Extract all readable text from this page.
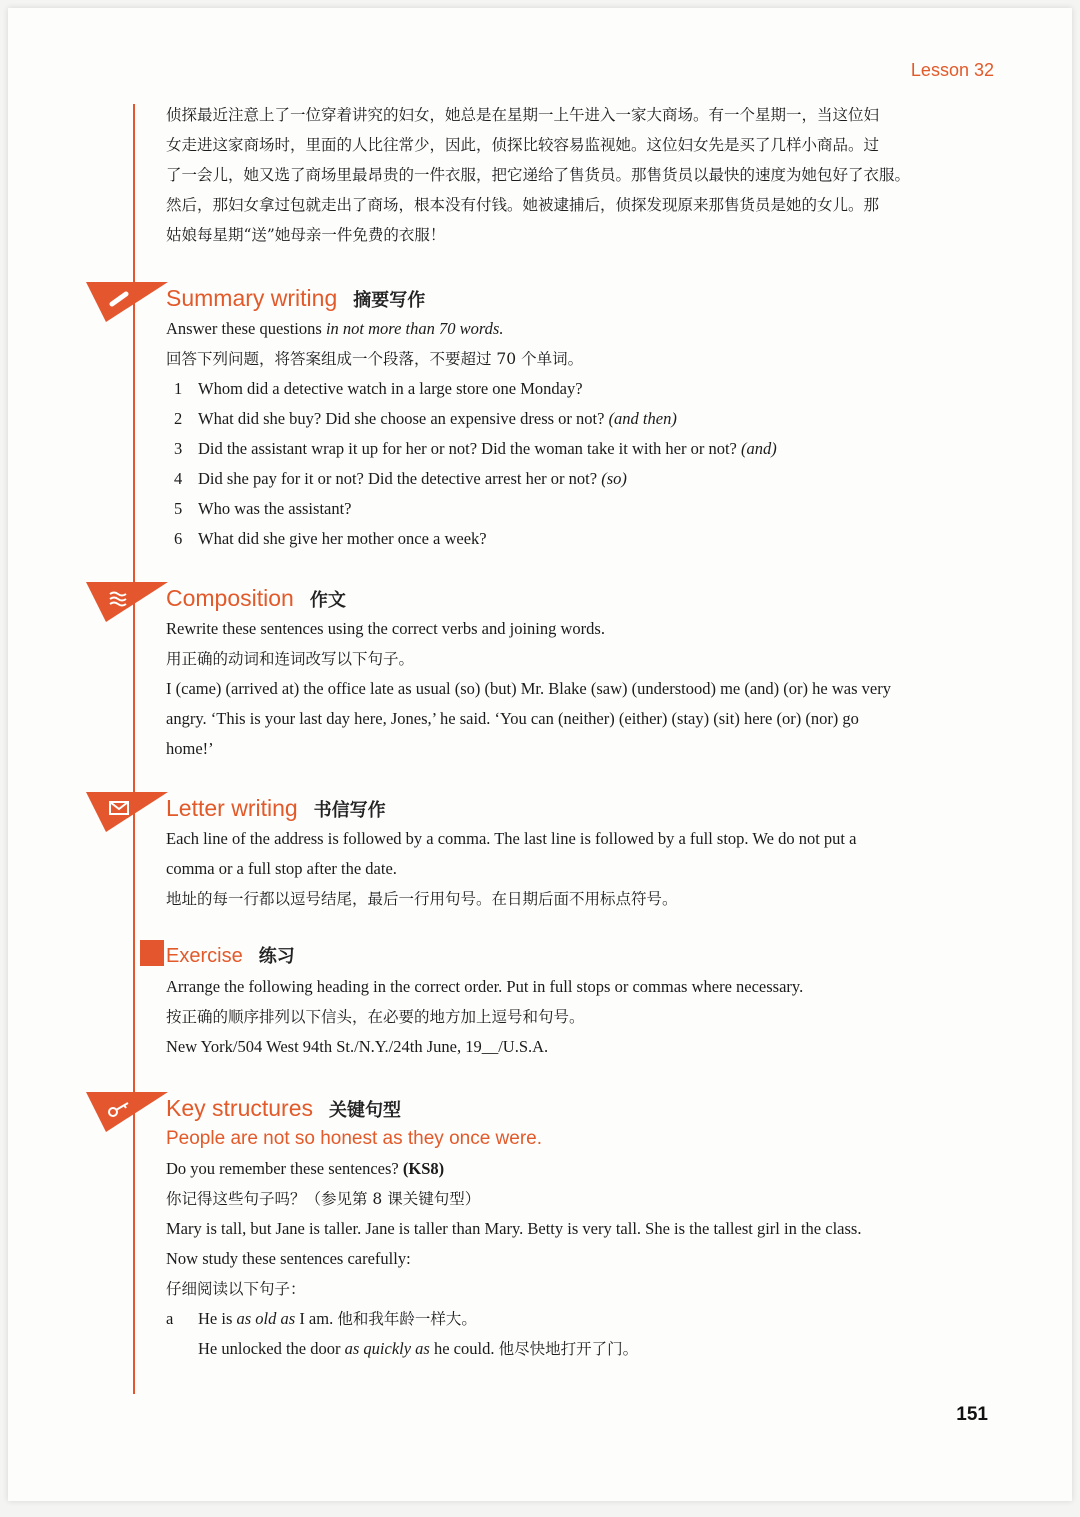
Lesson 32

侦探最近注意上了一位穿着讲究的妇女，她总是在星期一上午进入一家大商场。有一个星期一，当这位妇

女走进这家商场时，里面的人比往常少，因此，侦探比较容易监视她。这位妇女先是买了几样小商品。过

了一会儿，她又选了商场里最昂贵的一件衣服，把它递给了售货员。那售货员以最快的速度为她包好了衣服。

然后，那妇女拿过包就走出了商场，根本没有付钱。她被逮捕后，侦探发现原来那售货员是她的女儿。那

姑娘每星期“送”她母亲一件免费的衣服！

Summary writing 摘要写作

Answer these questions in not more than 70 words.

回答下列问题，将答案组成一个段落，不要超过 70 个单词。

1 Whom did a detective watch in a large store one Monday?
2 What did she buy? Did she choose an expensive dress or not? (and then)
3 Did the assistant wrap it up for her or not? Did the woman take it with her or not? (and)
4 Did she pay for it or not? Did the detective arrest her or not? (so)
5 Who was the assistant?
6 What did she give her mother once a week?
Composition 作文

Rewrite these sentences using the correct verbs and joining words.

用正确的动词和连词改写以下句子。

I (came) (arrived at) the office late as usual (so) (but) Mr. Blake (saw) (understood) me (and) (or) he was very

angry. ‘This is your last day here, Jones,’ he said. ‘You can (neither) (either) (stay) (sit) here (or) (nor) go

home!’

Letter writing 书信写作

Each line of the address is followed by a comma. The last line is followed by a full stop. We do not put a

comma or a full stop after the date.

地址的每一行都以逗号结尾，最后一行用句号。在日期后面不用标点符号。

Exercise 练习

Arrange the following heading in the correct order. Put in full stops or commas where necessary.

按正确的顺序排列以下信头，在必要的地方加上逗号和句号。

New York/504 West 94th St./N.Y./24th June, 19__/U.S.A.

Key structures 关键句型
People are not so honest as they once were.

Do you remember these sentences? (KS8)

你记得这些句子吗？（参见第 8 课关键句型）

Mary is tall, but Jane is taller. Jane is taller than Mary. Betty is very tall. She is the tallest girl in the class.

Now study these sentences carefully:

仔细阅读以下句子：

a	He is as old as I am. 他和我年龄一样大。
He unlocked the door as quickly as he could. 他尽快地打开了门。
151
